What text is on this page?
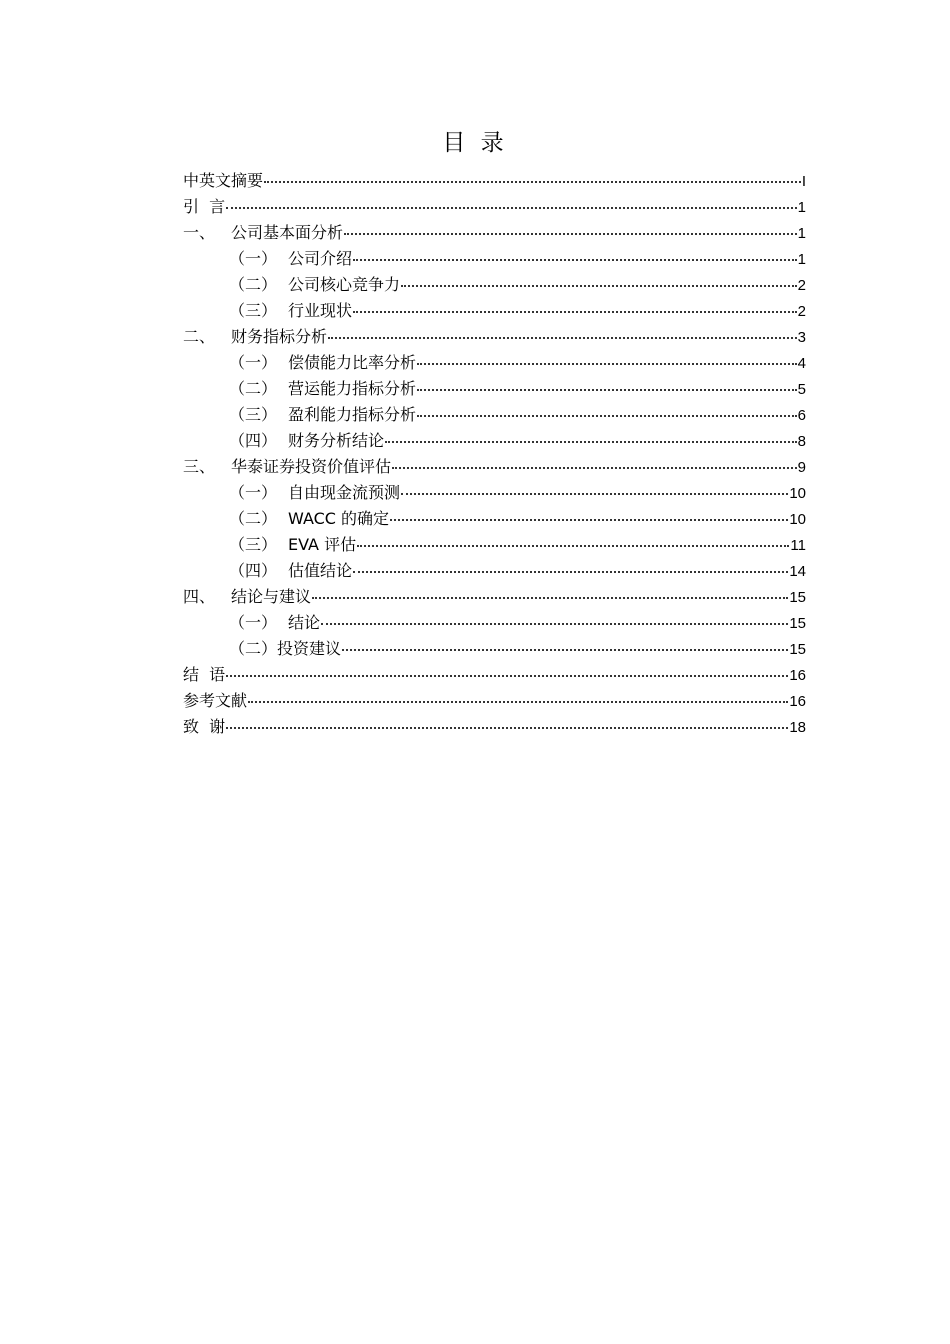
目 录
中英文摘要	I
引  言	1
一、 公司基本面分析	1
（一） 公司介绍	1
（二） 公司核心竞争力	2
（三） 行业现状	2
二、 财务指标分析	3
（一） 偿债能力比率分析	4
（二） 营运能力指标分析	5
（三） 盈利能力指标分析	6
（四） 财务分析结论	8
三、 华泰证券投资价值评估	9
（一） 自由现金流预测	10
（二） WACC 的确定	10
（三） EVA 评估	11
（四） 估值结论	14
四、 结论与建议	15
（一） 结论	15
（二） 投资建议	15
结  语	16
参考文献	16
致  谢	18
